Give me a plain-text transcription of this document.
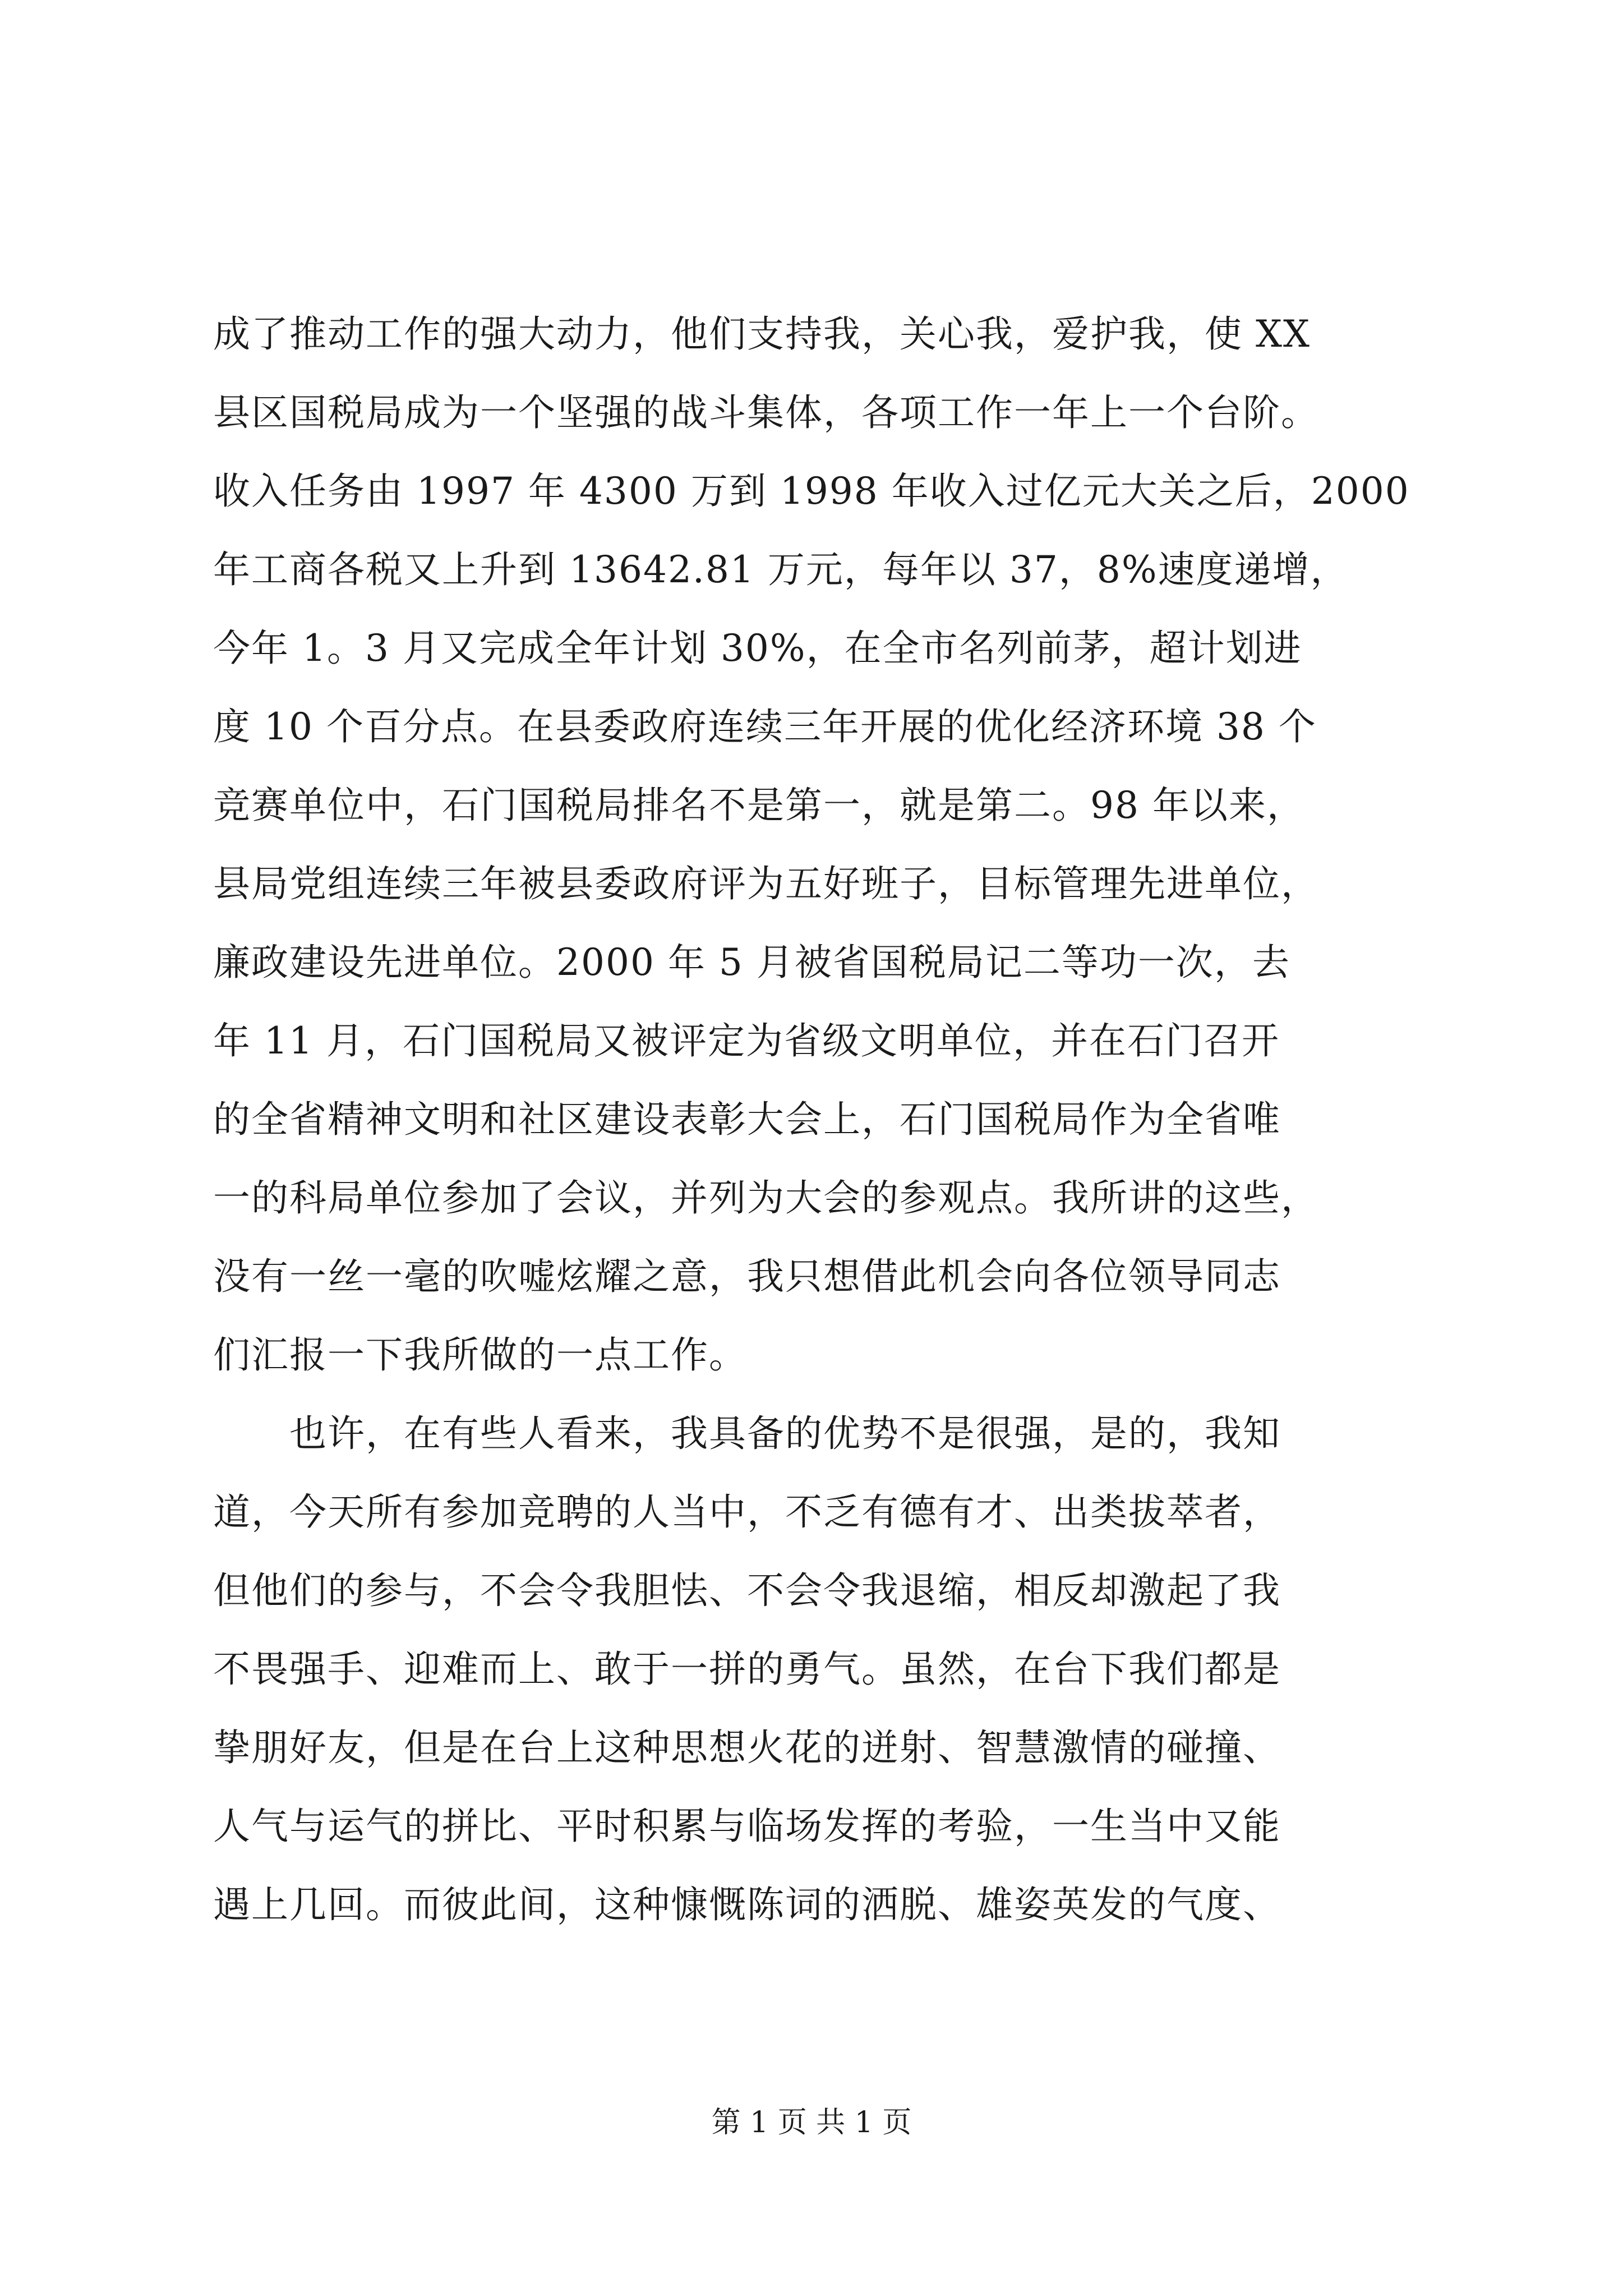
成了推动工作的强大动力，他们支持我，关心我，爱护我，使 XX
县区国税局成为一个坚强的战斗集体，各项工作一年上一个台阶。
收入任务由 1997 年 4300 万到 1998 年收入过亿元大关之后，2000
年工商各税又上升到 13642.81 万元，每年以 37，8%速度递增，
今年 1。3 月又完成全年计划 30%，在全市名列前茅，超计划进
度 10 个百分点。在县委政府连续三年开展的优化经济环境 38 个
竞赛单位中，石门国税局排名不是第一，就是第二。98 年以来，
县局党组连续三年被县委政府评为五好班子，目标管理先进单位，
廉政建设先进单位。2000 年 5 月被省国税局记二等功一次，去
年 11 月，石门国税局又被评定为省级文明单位，并在石门召开
的全省精神文明和社区建设表彰大会上，石门国税局作为全省唯
一的科局单位参加了会议，并列为大会的参观点。我所讲的这些，
没有一丝一毫的吹嘘炫耀之意，我只想借此机会向各位领导同志
们汇报一下我所做的一点工作。
　　也许，在有些人看来，我具备的优势不是很强，是的，我知
道，今天所有参加竞聘的人当中，不乏有德有才、出类拔萃者，
但他们的参与，不会令我胆怯、不会令我退缩，相反却激起了我
不畏强手、迎难而上、敢于一拼的勇气。虽然，在台下我们都是
挚朋好友，但是在台上这种思想火花的迸射、智慧激情的碰撞、
人气与运气的拼比、平时积累与临场发挥的考验，一生当中又能
遇上几回。而彼此间，这种慷慨陈词的洒脱、雄姿英发的气度、
第 1 页 共 1 页
